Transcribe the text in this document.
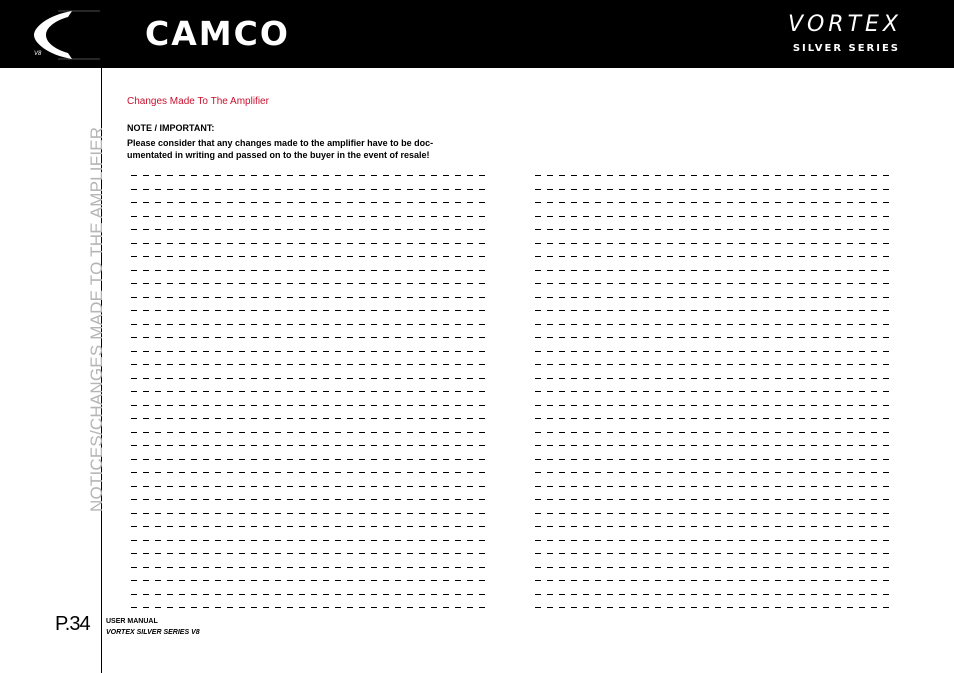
V8
CAMCO	VORTEX
SILVER SERIES
NOTICES/CHANGES MADE TO THE AMPLIFIER
P.34 USER MANUAL
VORTEX SILVER SERIES V8
Changes Made To The Amplifier
NOTE / IMPORTANT:
Please consider that any changes made to the amplifier have to be doc-
umentated in writing and passed on to the buyer in the event of resale!
